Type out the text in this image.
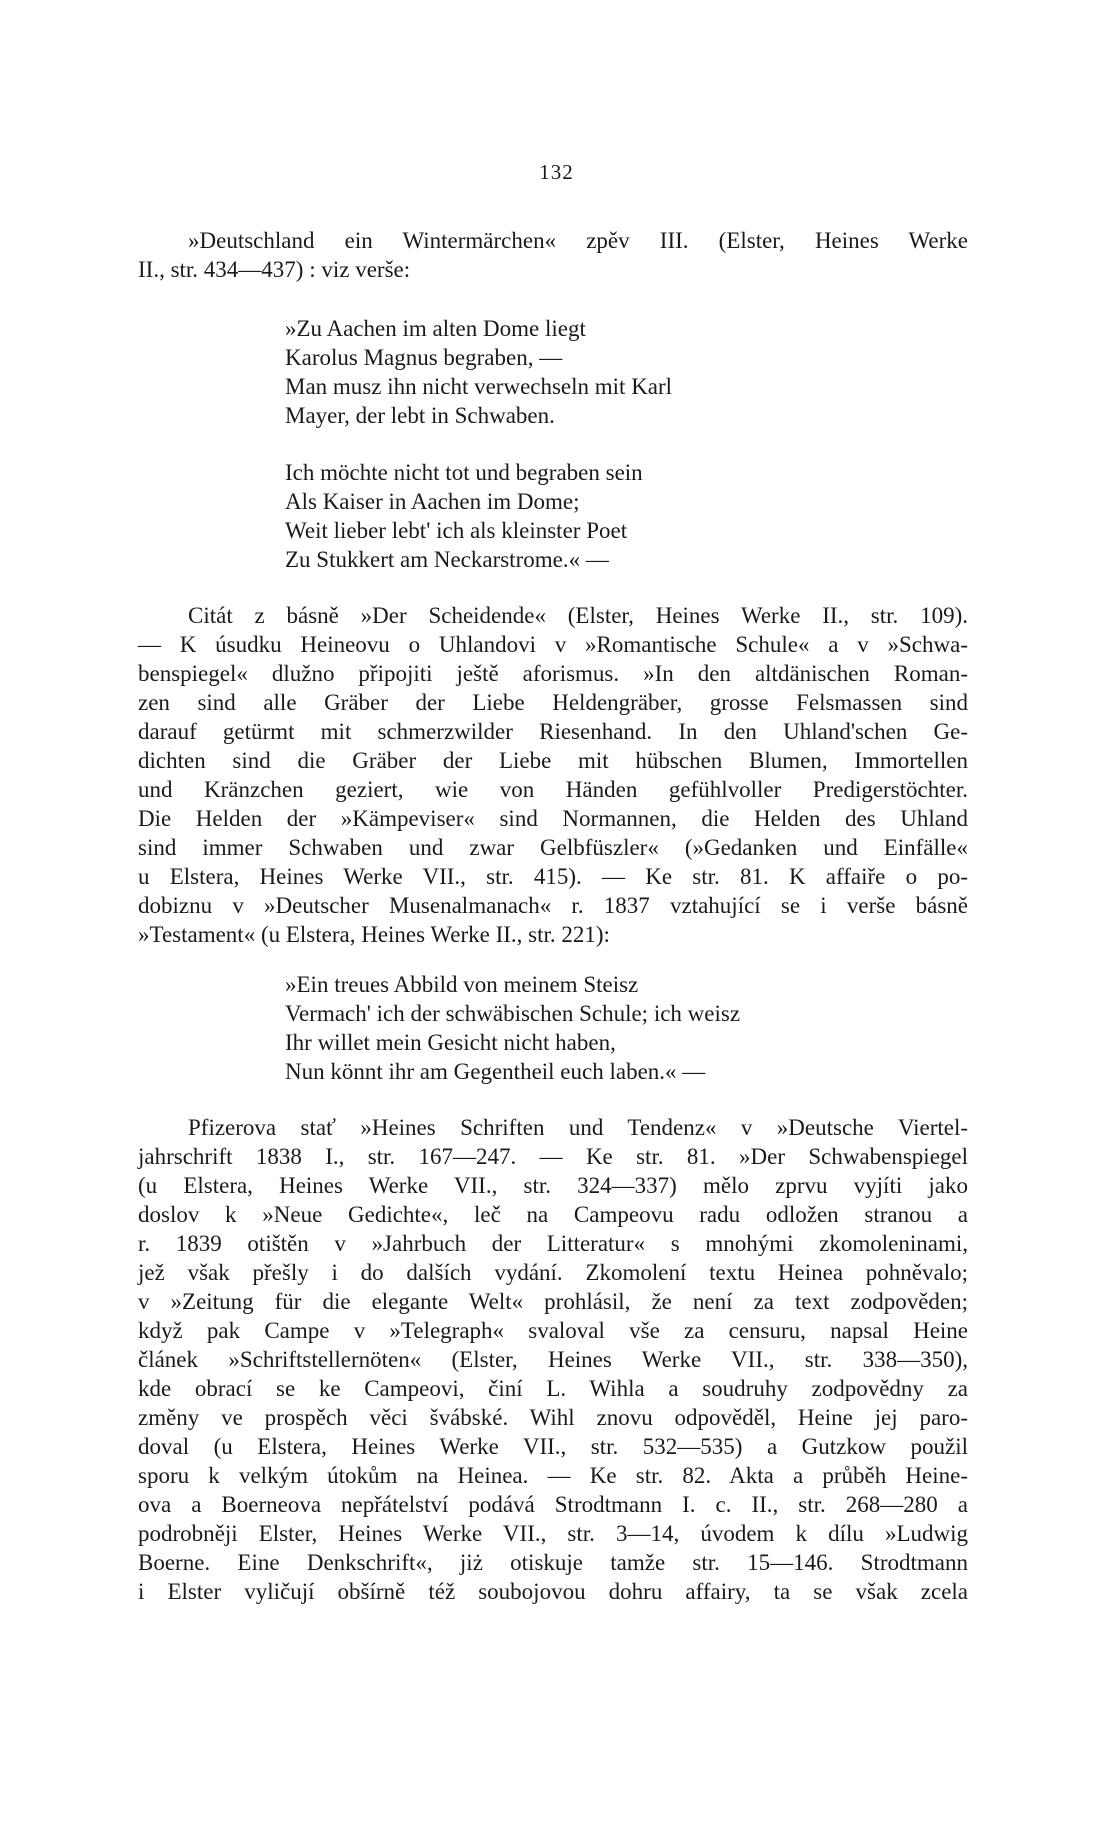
132
»Deutschland ein Wintermärchen« zpěv III. (Elster, Heines Werke
II., str. 434—437) : viz verše:
»Zu Aachen im alten Dome liegt
Karolus Magnus begraben, —
Man musz ihn nicht verwechseln mit Karl
Mayer, der lebt in Schwaben.
Ich möchte nicht tot und begraben sein
Als Kaiser in Aachen im Dome;
Weit lieber lebt' ich als kleinster Poet
Zu Stukkert am Neckarstrome.« —
Citát z básně »Der Scheidende« (Elster, Heines Werke II., str. 109).
— K úsudku Heineovu o Uhlandovi v »Romantische Schule« a v »Schwa-
benspiegel« dlužno připojiti ještě aforismus. »In den altdänischen Roman-
zen sind alle Gräber der Liebe Heldengräber, grosse Felsmassen sind
darauf getürmt mit schmerzwilder Riesenhand. In den Uhland'schen Ge-
dichten sind die Gräber der Liebe mit hübschen Blumen, Immortellen
und Kränzchen geziert, wie von Händen gefühlvoller Predigerstöchter.
Die Helden der »Kämpeviser« sind Normannen, die Helden des Uhland
sind immer Schwaben und zwar Gelbfüszler« (»Gedanken und Einfälle«
u Elstera, Heines Werke VII., str. 415). — Ke str. 81. K affaiře o po-
dobiznu v »Deutscher Musenalmanach« r. 1837 vztahující se i verše básně
»Testament« (u Elstera, Heines Werke II., str. 221):
»Ein treues Abbild von meinem Steisz
Vermach' ich der schwäbischen Schule; ich weisz
Ihr willet mein Gesicht nicht haben,
Nun könnt ihr am Gegentheil euch laben.« —
Pfizerova stať »Heines Schriften und Tendenz« v »Deutsche Viertel-
jahrschrift 1838 I., str. 167—247. — Ke str. 81. »Der Schwabenspiegel
(u Elstera, Heines Werke VII., str. 324—337) mělo zprvu vyjíti jako
doslov k »Neue Gedichte«, leč na Campeovu radu odložen stranou a
r. 1839 otištěn v »Jahrbuch der Litteratur« s mnohými zkomoleninami,
jež však přešly i do dalších vydání. Zkomolení textu Heinea pohněvalo;
v »Zeitung für die elegante Welt« prohlásil, že není za text zodpověden;
když pak Campe v »Telegraph« svaloval vše za censuru, napsal Heine
článek »Schriftstellernöten« (Elster, Heines Werke VII., str. 338—350),
kde obrací se ke Campeovi, činí L. Wihla a soudruhy zodpovědny za
změny ve prospěch věci švábské. Wihl znovu odpověděl, Heine jej paro-
doval (u Elstera, Heines Werke VII., str. 532—535) a Gutzkow použil
sporu k velkým útokům na Heinea. — Ke str. 82. Akta a průběh Heine-
ova a Boerneova nepřátelství podává Strodtmann I. c. II., str. 268—280 a
podrobněji Elster, Heines Werke VII., str. 3—14, úvodem k dílu »Ludwig
Boerne. Eine Denkschrift«, jiż otiskuje tamže str. 15—146. Strodtmann
i Elster vyličují obšírně též soubojovou dohru affairy, ta se však zcela
